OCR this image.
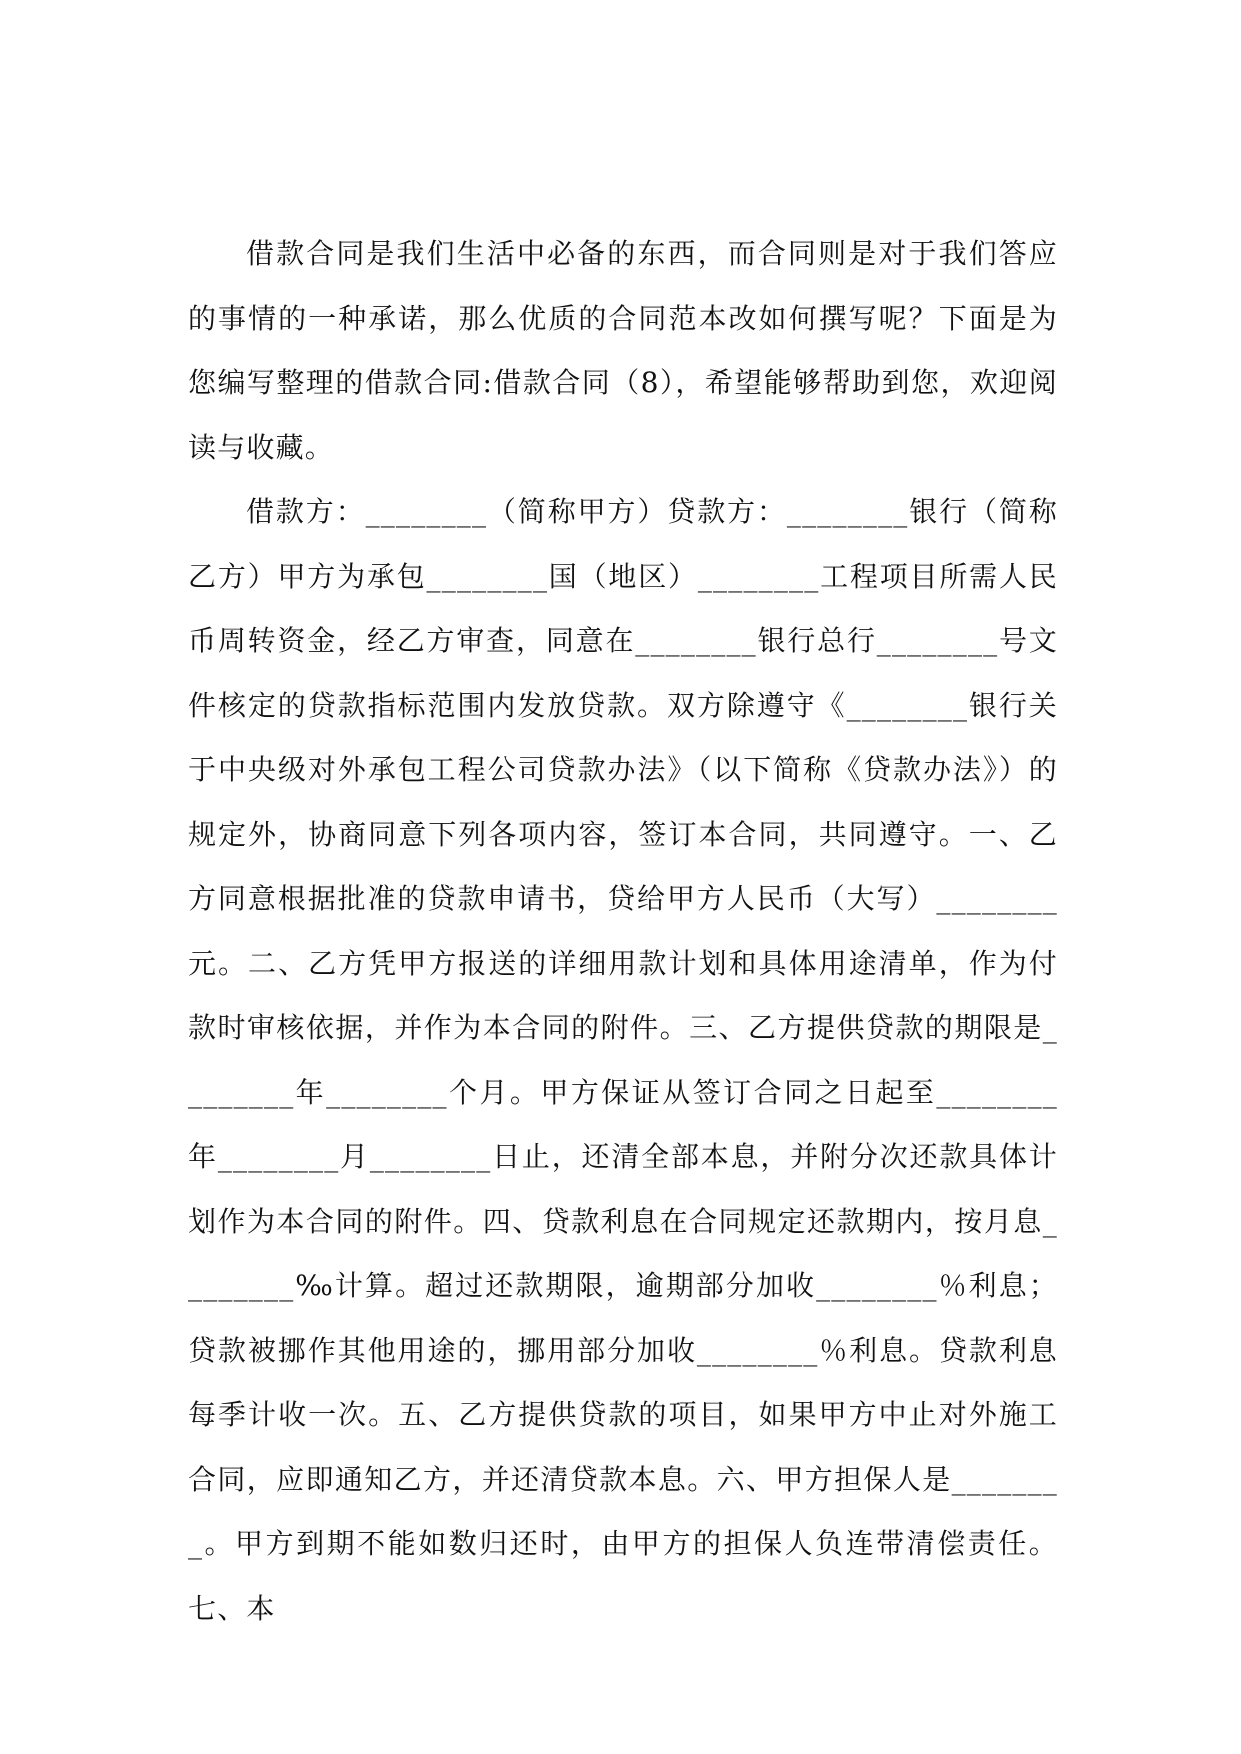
借款合同是我们生活中必备的东西，而合同则是对于我们答应的事情的一种承诺，那么优质的合同范本改如何撰写呢？下面是为您编写整理的借款合同:借款合同（8），希望能够帮助到您，欢迎阅读与收藏。

借款方：________（简称甲方）贷款方：________银行（简称乙方）甲方为承包________国（地区）________工程项目所需人民币周转资金，经乙方审查，同意在________银行总行________号文件核定的贷款指标范围内发放贷款。双方除遵守《________银行关于中央级对外承包工程公司贷款办法》（以下简称《贷款办法》）的规定外，协商同意下列各项内容，签订本合同，共同遵守。一、乙方同意根据批准的贷款申请书，贷给甲方人民币（大写）________元。二、乙方凭甲方报送的详细用款计划和具体用途清单，作为付款时审核依据，并作为本合同的附件。三、乙方提供贷款的期限是________年________个月。甲方保证从签订合同之日起至________年________月________日止，还清全部本息，并附分次还款具体计划作为本合同的附件。四、贷款利息在合同规定还款期内，按月息________‰计算。超过还款期限，逾期部分加收________％利息；贷款被挪作其他用途的，挪用部分加收________％利息。贷款利息每季计收一次。五、乙方提供贷款的项目，如果甲方中止对外施工合同，应即通知乙方，并还清贷款本息。六、甲方担保人是________。甲方到期不能如数归还时，由甲方的担保人负连带清偿责任。七、本
